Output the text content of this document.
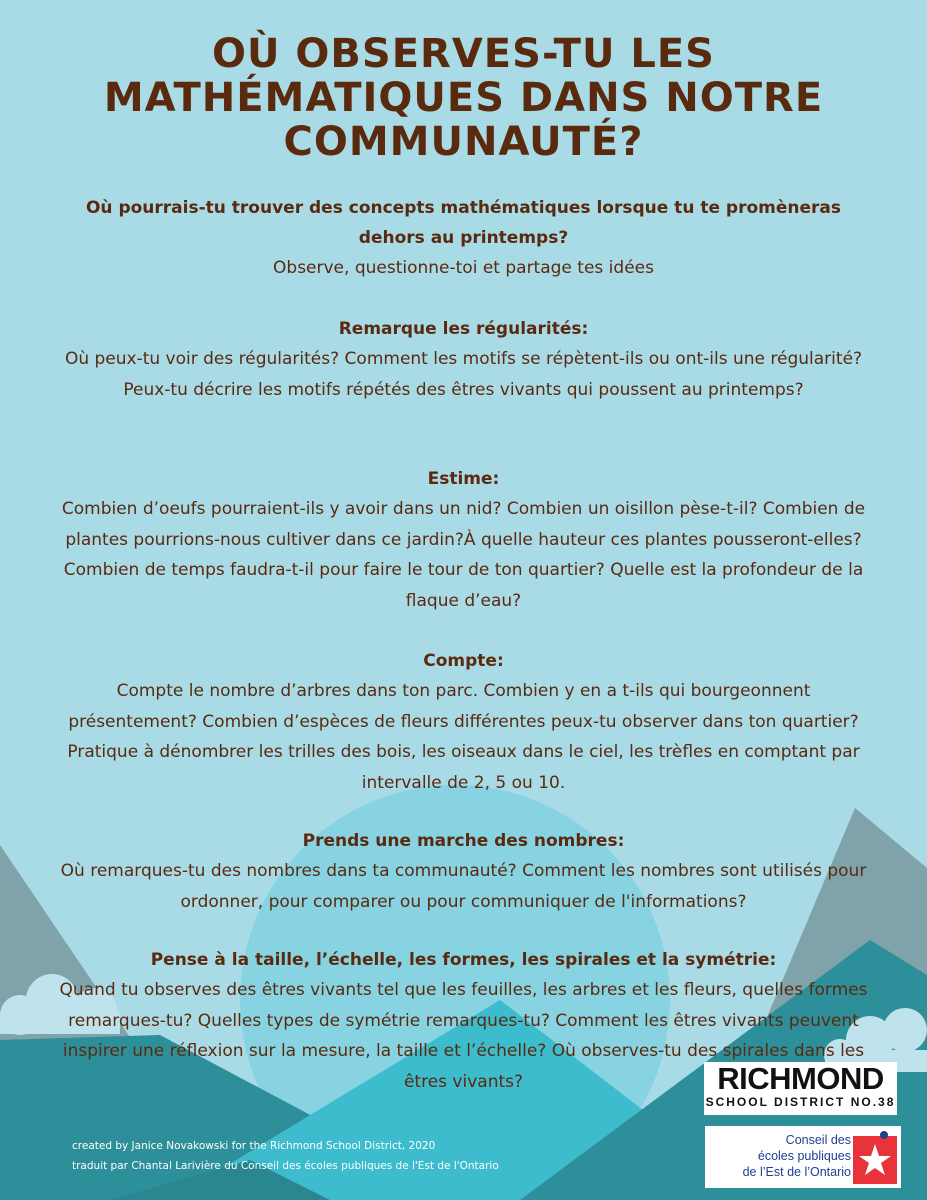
OÙ OBSERVES-TU LES MATHÉMATIQUES DANS NOTRE COMMUNAUTÉ?
Où pourrais-tu trouver des concepts mathématiques lorsque tu te promèneras dehors au printemps?
Observe, questionne-toi et partage tes idées
Remarque les régularités:

Où peux-tu voir des régularités? Comment les motifs se répètent-ils ou ont-ils une régularité? Peux-tu décrire les motifs répétés des êtres vivants qui poussent au printemps?

Estime:

Combien d’oeufs pourraient-ils y avoir dans un nid? Combien un oisillon pèse-t-il? Combien de plantes pourrions-nous cultiver dans ce jardin?À quelle hauteur ces plantes pousseront-elles? Combien de temps faudra-t-il pour faire le tour de ton quartier? Quelle est la profondeur de la flaque d’eau?

Compte:

Compte le nombre d’arbres dans ton parc. Combien y en a t-ils qui bourgeonnent présentement? Combien d’espèces de fleurs différentes peux-tu observer dans ton quartier? Pratique à dénombrer les trilles des bois, les oiseaux dans le ciel, les trèfles en comptant par intervalle de 2, 5 ou 10.

Prends une marche des nombres:

Où remarques-tu des nombres dans ta communauté? Comment les nombres sont utilisés pour ordonner, pour comparer ou pour communiquer de l'informations?

Pense à la taille, l’échelle, les formes, les spirales et la symétrie:

Quand tu observes des êtres vivants tel que les feuilles, les arbres et les fleurs, quelles formes remarques-tu? Quelles types de symétrie remarques-tu? Comment les êtres vivants peuvent inspirer une réflexion sur la mesure, la taille et l’échelle? Où observes-tu des spirales dans les êtres vivants?

created by Janice Novakowski for the Richmond School District, 2020
traduit par Chantal Larivière du Conseil des écoles publiques de l'Est de l'Ontario
RICHMOND
SCHOOL DISTRICT NO.38
Conseil des
écoles publiques
de l’Est de l’Ontario
